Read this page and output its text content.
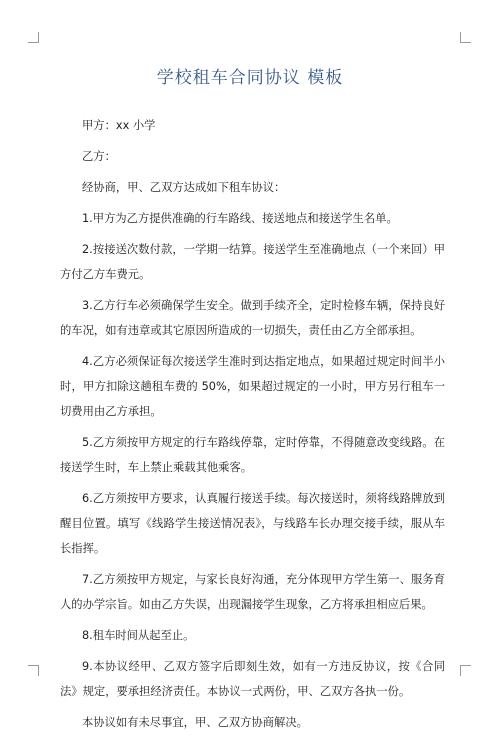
学校租车合同协议 模板

甲方：xx 小学

乙方：

经协商，甲、乙双方达成如下租车协议：

1.甲方为乙方提供准确的行车路线、接送地点和接送学生名单。

2.按接送次数付款，一学期一结算。接送学生至准确地点（一个来回）甲方付乙方车费元。

3.乙方行车必须确保学生安全。做到手续齐全，定时检修车辆，保持良好的车况，如有违章或其它原因所造成的一切损失，责任由乙方全部承担。

4.乙方必须保证每次接送学生准时到达指定地点，如果超过规定时间半小时，甲方扣除这趟租车费的 50%，如果超过规定的一小时，甲方另行租车一切费用由乙方承担。

5.乙方须按甲方规定的行车路线停靠，定时停靠，不得随意改变线路。在接送学生时，车上禁止乘载其他乘客。

6.乙方须按甲方要求，认真履行接送手续。每次接送时，须将线路牌放到醒目位置。填写《线路学生接送情况表》，与线路车长办理交接手续，服从车长指挥。

7.乙方须按甲方规定，与家长良好沟通，充分体现甲方学生第一、服务育人的办学宗旨。如由乙方失误，出现漏接学生现象，乙方将承担相应后果。

8.租车时间从起至止。

9.本协议经甲、乙双方签字后即刻生效，如有一方违反协议，按《合同法》规定，要承担经济责任。本协议一式两份，甲、乙双方各执一份。

本协议如有未尽事宜，甲、乙双方协商解决。
